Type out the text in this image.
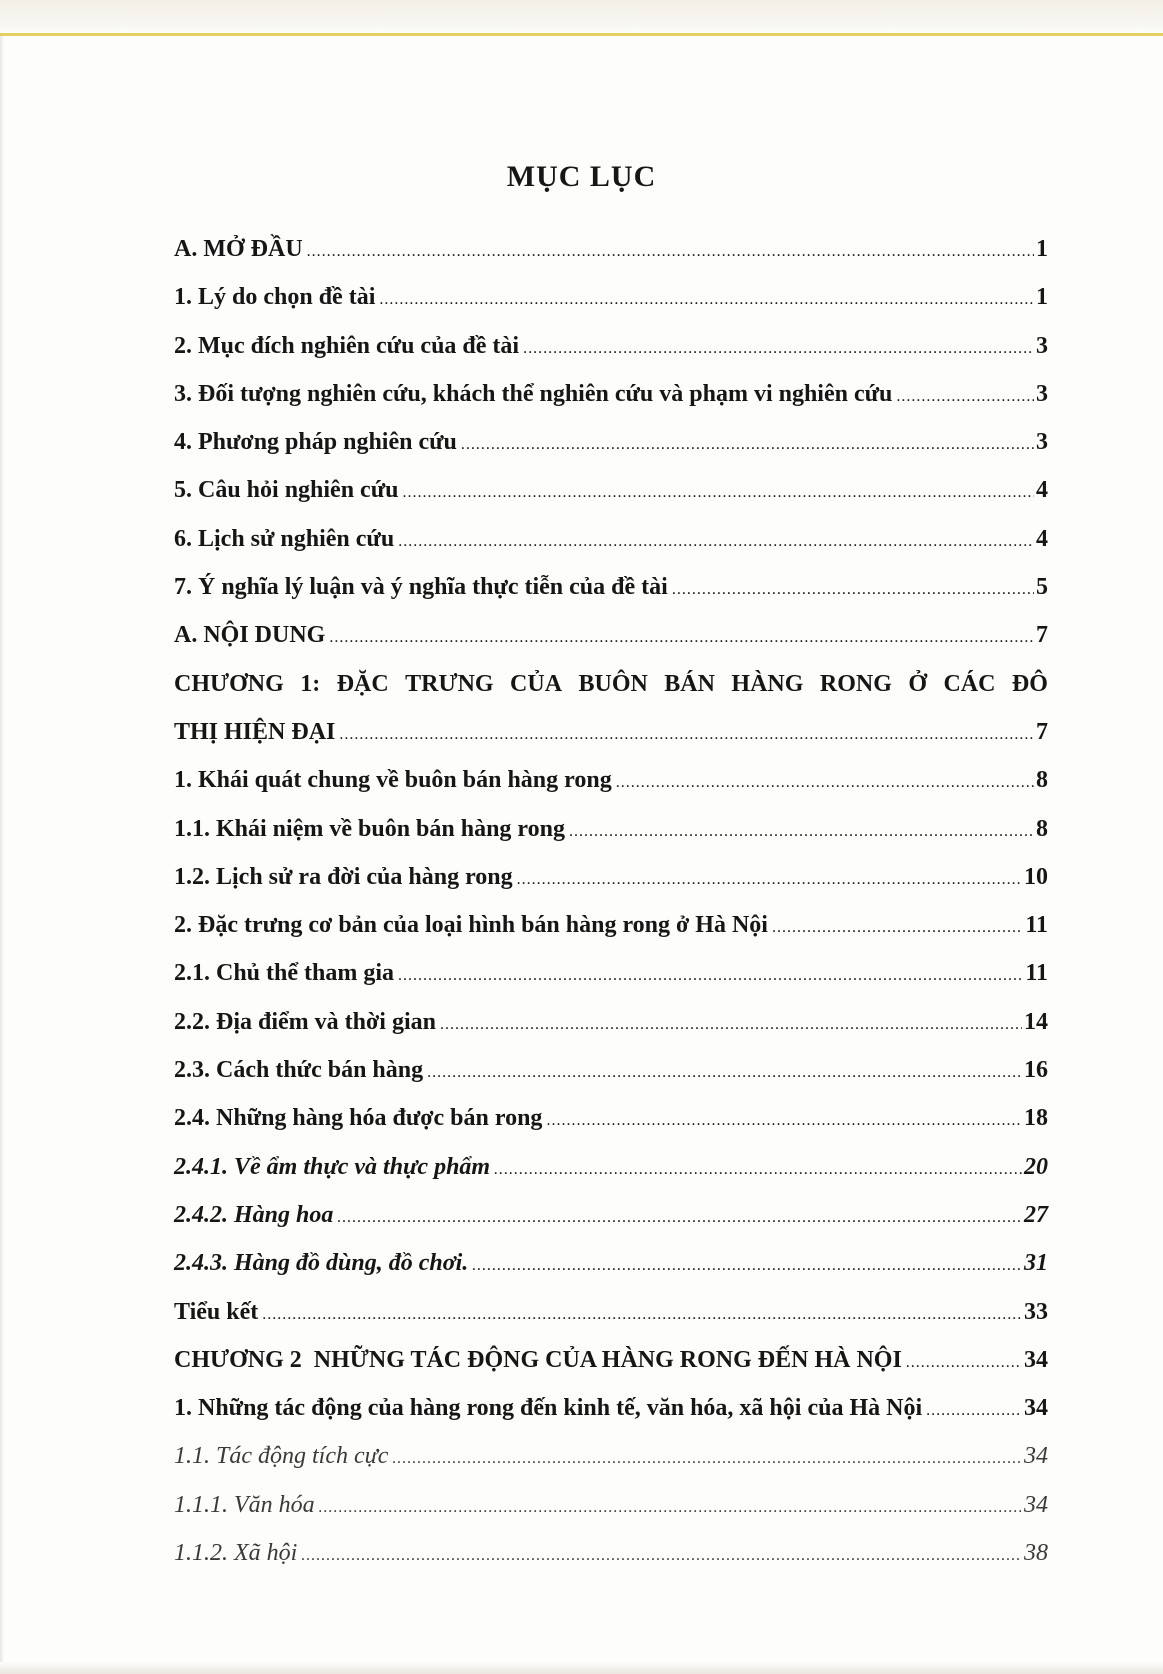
MỤC LỤC
A. MỞ ĐẦU .....	1
1. Lý do chọn đề tài .....	1
2. Mục đích nghiên cứu của đề tài .....	3
3. Đối tượng nghiên cứu, khách thể nghiên cứu và phạm vi nghiên cứu .....	3
4. Phương pháp nghiên cứu .....	3
5. Câu hỏi nghiên cứu .....	4
6. Lịch sử nghiên cứu .....	4
7. Ý nghĩa lý luận và ý nghĩa thực tiễn của đề tài .....	5
A. NỘI DUNG .....	7
CHƯƠNG 1: ĐẶC TRƯNG CỦA BUÔN BÁN HÀNG RONG Ở CÁC ĐÔ
THỊ HIỆN ĐẠI .....	7
1. Khái quát chung về buôn bán hàng rong .....	8
1.1. Khái niệm về buôn bán hàng rong .....	8
1.2. Lịch sử ra đời của hàng rong .....	10
2. Đặc trưng cơ bản của loại hình bán hàng rong ở Hà Nội .....	11
2.1. Chủ thể tham gia .....	11
2.2. Địa điểm và thời gian .....	14
2.3. Cách thức bán hàng .....	16
2.4. Những hàng hóa được bán rong .....	18
2.4.1. Về ẩm thực và thực phẩm .....	20
2.4.2. Hàng hoa .....	27
2.4.3. Hàng đồ dùng, đồ chơi. .....	31
Tiểu kết .....	33
CHƯƠNG 2  NHỮNG TÁC ĐỘNG CỦA HÀNG RONG ĐẾN HÀ NỘI .....	34
1. Những tác động của hàng rong đến kinh tế, văn hóa, xã hội của Hà Nội .....	34
1.1. Tác động tích cực .....	34
1.1.1. Văn hóa .....	34
1.1.2. Xã hội .....	38
